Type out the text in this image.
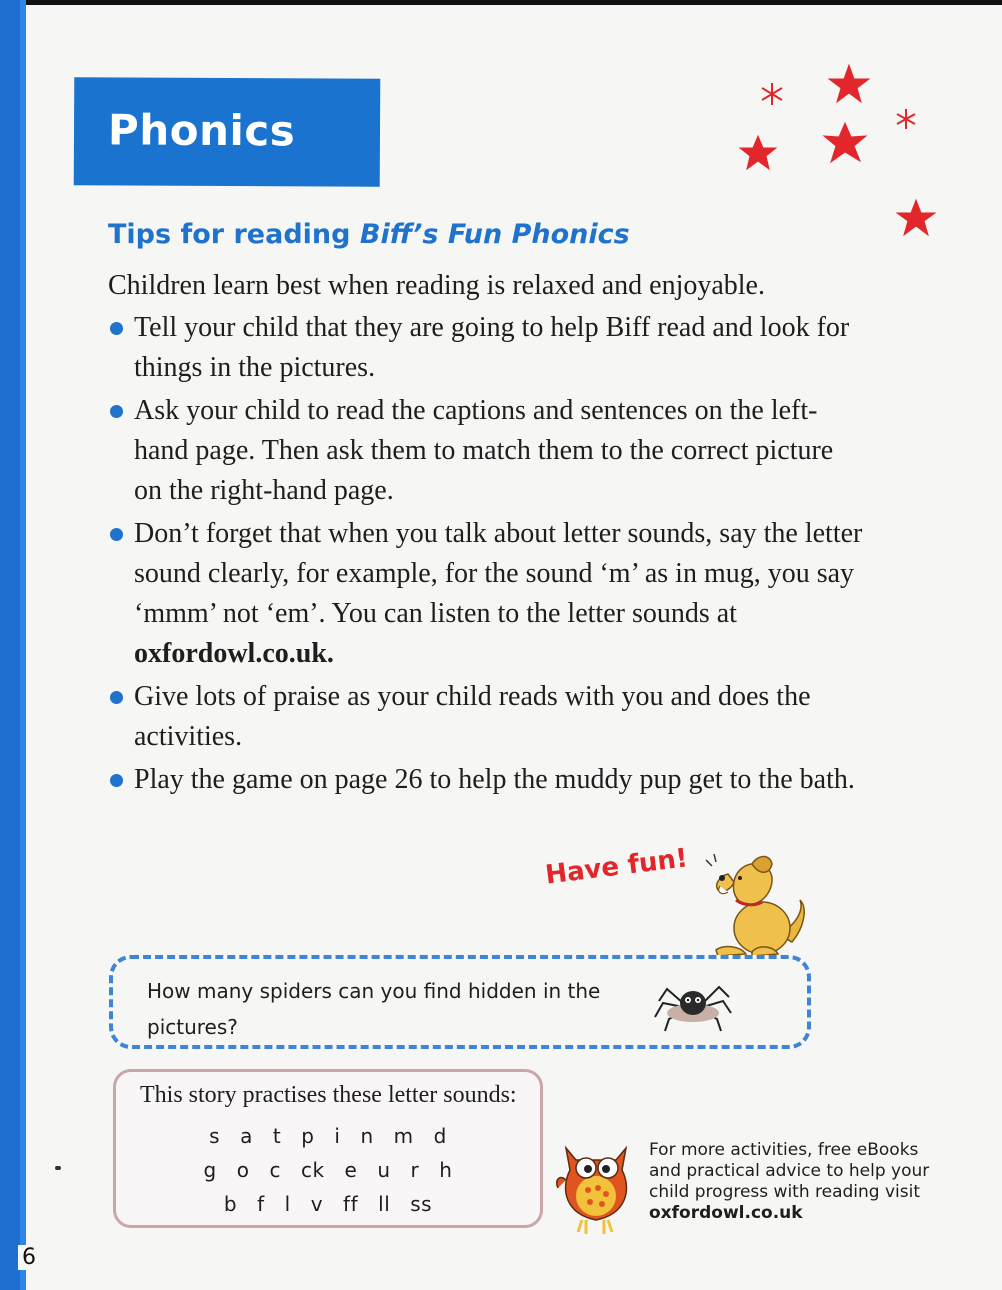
Phonics
Tips for reading Biff’s Fun Phonics
Children learn best when reading is relaxed and enjoyable.
Tell your child that they are going to help Biff read and look for things in the pictures.
Ask your child to read the captions and sentences on the left-hand page. Then ask them to match them to the correct picture on the right-hand page.
Don’t forget that when you talk about letter sounds, say the letter sound clearly, for example, for the sound ‘m’ as in mug, you say ‘mmm’ not ‘em’. You can listen to the letter sounds at oxfordowl.co.uk.
Give lots of praise as your child reads with you and does the activities.
Play the game on page 26 to help the muddy pup get to the bath.
Have fun!
How many spiders can you find hidden in the pictures?
This story practises these letter sounds:
s a t p i n m d
g o c ck e u r h
b f l v ff ll ss
For more activities, free eBooks and practical advice to help your child progress with reading visit oxfordowl.co.uk
6
